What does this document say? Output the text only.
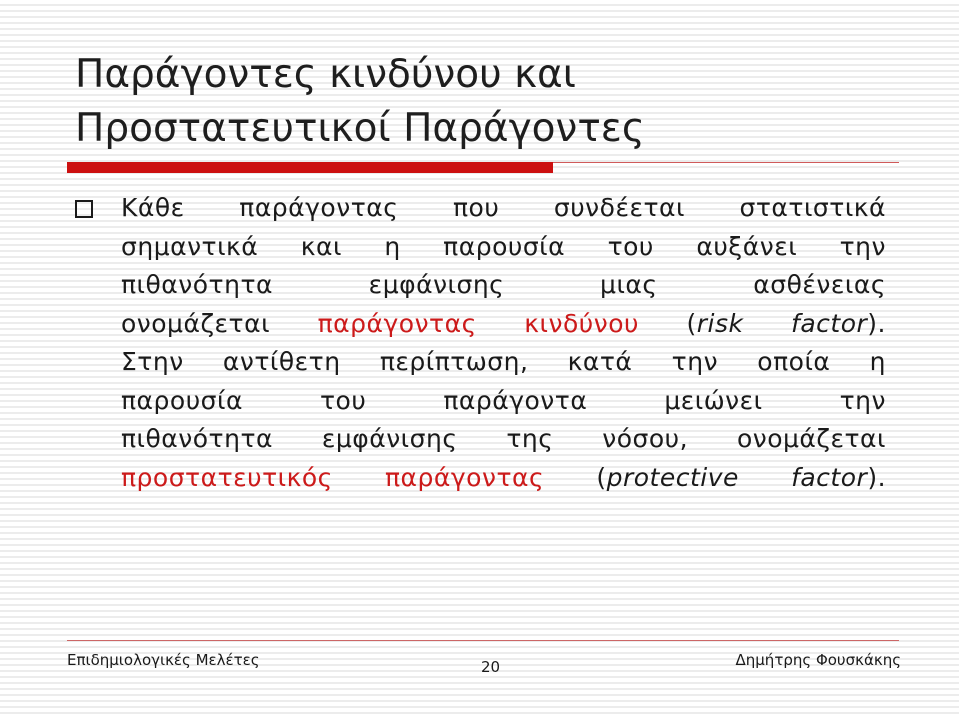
Παράγοντες κινδύνου και
Προστατευτικοί Παράγοντες
Κάθε παράγοντας που συνδέεται στατιστικά
σημαντικά και η παρουσία του αυξάνει την
πιθανότητα εμφάνισης μιας ασθένειας
ονομάζεται παράγοντας κινδύνου (risk factor).
Στην αντίθετη περίπτωση, κατά την οποία η
παρουσία του παράγοντα μειώνει την
πιθανότητα εμφάνισης της νόσου, ονομάζεται
προστατευτικός παράγοντας (protective factor).
Επιδημιολογικές Μελέτες	20	Δημήτρης Φουσκάκης
